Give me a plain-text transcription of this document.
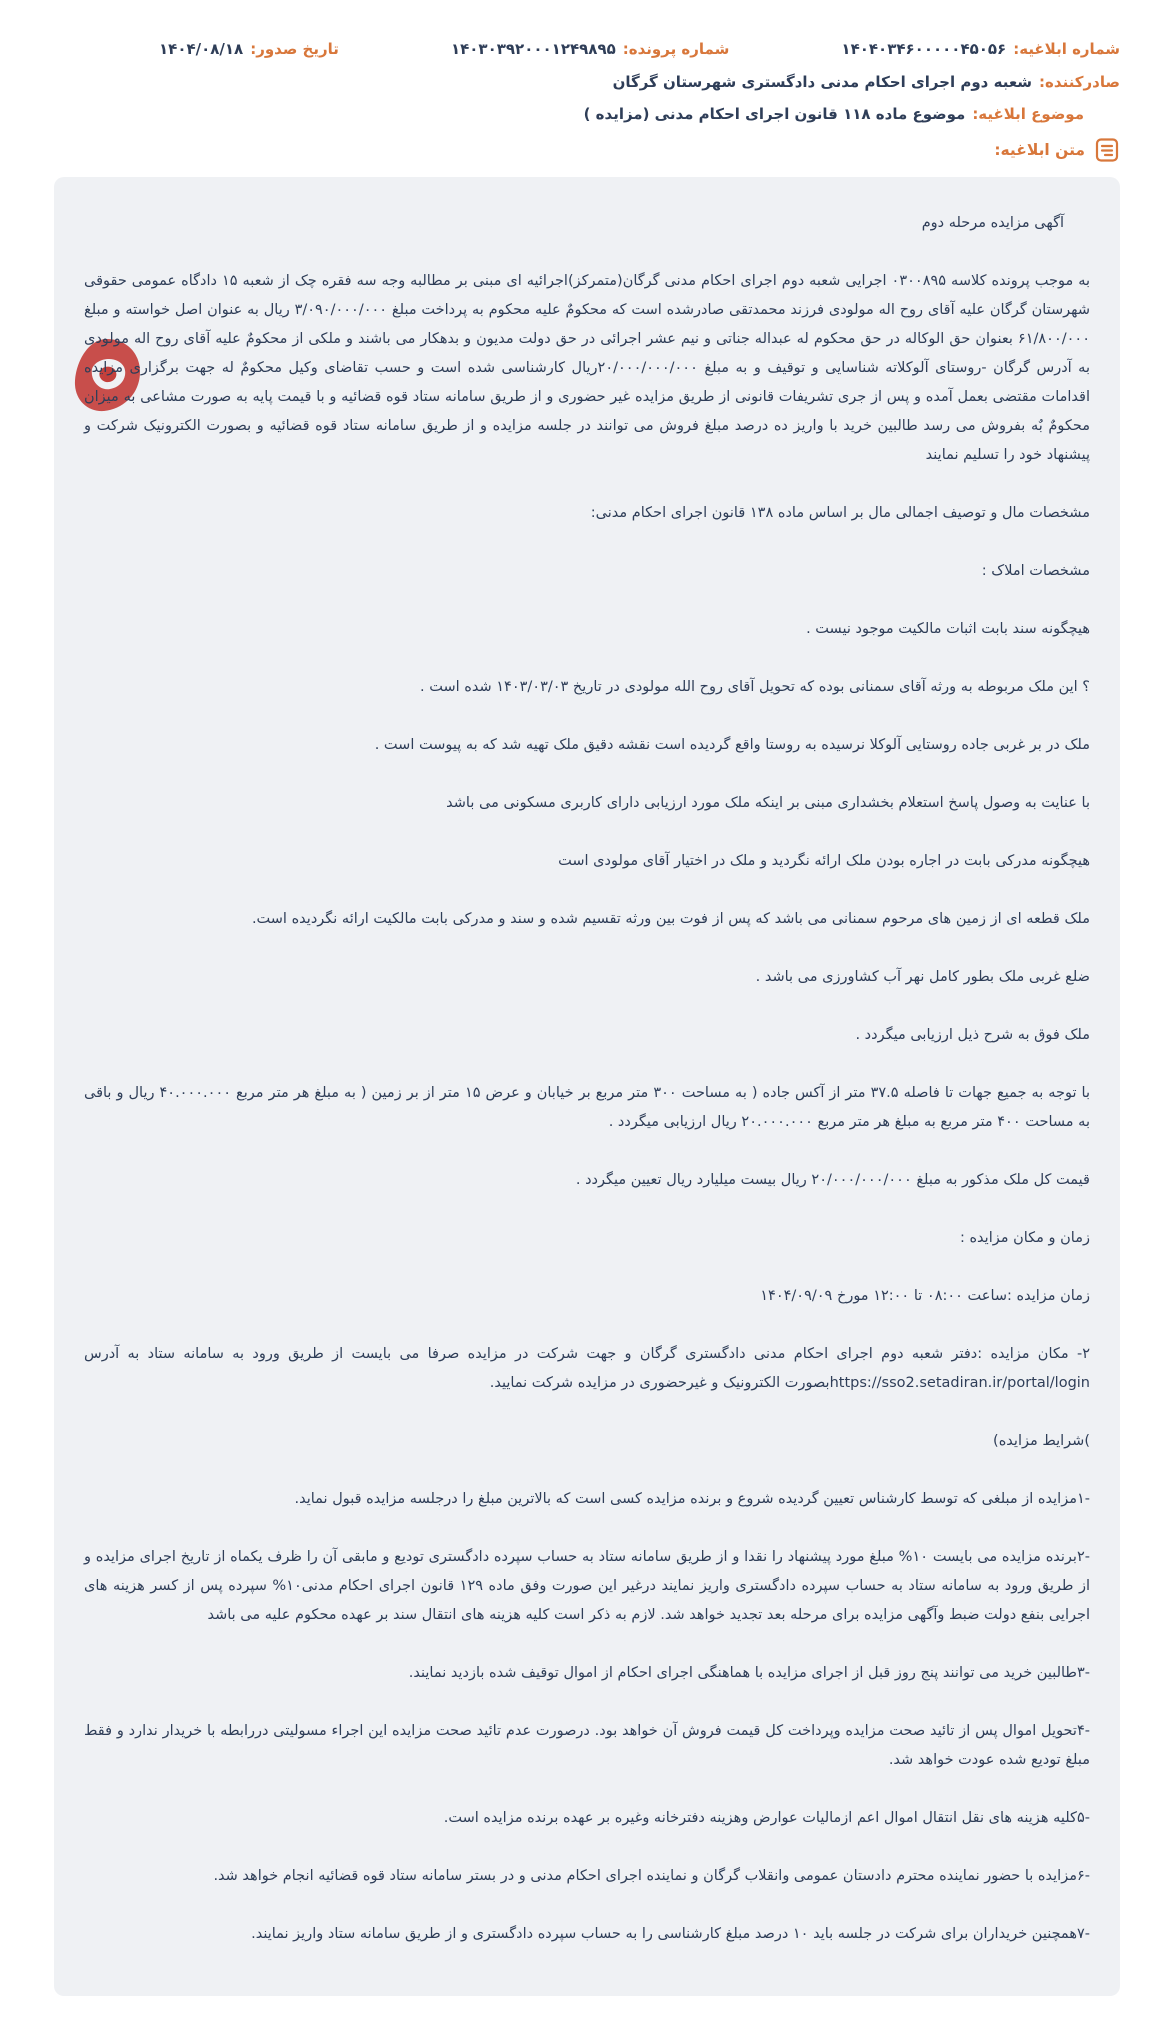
شماره ابلاغیه:۱۴۰۴۰۳۴۶۰۰۰۰۰۴۵۰۵۶
شماره پرونده:۱۴۰۳۰۳۹۲۰۰۰۱۲۴۹۸۹۵
تاریخ صدور:۱۴۰۴/۰۸/۱۸
صادرکننده:شعبه دوم اجرای احکام مدنی دادگستری شهرستان گرگان
موضوع ابلاغیه:موضوع ماده ۱۱۸ قانون اجرای احکام مدنی (مزایده )
متن ابلاغیه:

آگهی مزایده مرحله دوم

به موجب پرونده کلاسه ۰۳۰۰۸۹۵ اجرایی شعبه دوم اجرای احکام مدنی گرگان(متمرکز)اجرائیه ای مبنی بر مطالبه وجه سه فقره چک از شعبه ۱۵ دادگاه عمومی حقوقی شهرستان گرگان علیه آقای روح اله مولودی فرزند محمدتقی صادرشده است که محکومٌ علیه محکوم به پرداخت مبلغ ۳/۰۹۰/۰۰۰/۰۰۰ ریال به عنوان اصل خواسته و مبلغ ۶۱/۸۰۰/۰۰۰ بعنوان حق الوکاله در حق محکوم له عبداله جناتی و نیم عشر اجرائی در حق دولت مدیون و بدهکار می باشند و ملکی از محکومٌ علیه آقای روح اله مولودی به آدرس گرگان -روستای آلوکلاته شناسایی و توقیف و به مبلغ ۲۰/۰۰۰/۰۰۰/۰۰۰ریال کارشناسی شده است و حسب تقاضای وکیل محکومٌ له جهت برگزاری مزایده اقدامات مقتضی بعمل آمده و پس از جری تشریفات قانونی از طریق مزایده غیر حضوری و از طریق سامانه ستاد قوه قضائیه و با قیمت پایه به صورت مشاعی به میزان محکومٌ بٌه بفروش می رسد طالبین خرید با واریز ده درصد مبلغ فروش می توانند در جلسه مزایده و از طریق سامانه ستاد قوه قضائیه و بصورت الکترونیک شرکت و پیشنهاد خود را تسلیم نمایند

مشخصات مال و توصیف اجمالی مال بر اساس ماده ۱۳۸ قانون اجرای احکام مدنی:

مشخصات املاک :

هیچگونه سند بابت اثبات مالکیت موجود نیست .

؟ این ملک مربوطه به ورثه آقای سمنانی بوده که تحویل آقای روح الله مولودی در تاریخ ۱۴۰۳/۰۳/۰۳ شده است .

ملک در بر غربی جاده روستایی آلوکلا نرسیده به روستا واقع گردیده است نقشه دقیق ملک تهیه شد که به پیوست است .

با عنایت به وصول پاسخ استعلام بخشداری مبنی بر اینکه ملک مورد ارزیابی دارای کاربری مسکونی می باشد

هیچگونه مدرکی بابت در اجاره بودن ملک ارائه نگردید و ملک در اختیار آقای مولودی است

ملک قطعه ای از زمین های مرحوم سمنانی می باشد که پس از فوت بین ورثه تقسیم شده و سند و مدرکی بابت مالکیت ارائه نگردیده است.

ضلع غربی ملک بطور کامل نهر آب کشاورزی می باشد .

ملک فوق به شرح ذیل ارزیابی میگردد .

با توجه به جمیع جهات تا فاصله ۳۷.۵ متر از آکس جاده ( به مساحت ۳۰۰ متر مربع بر خیابان و عرض ۱۵ متر از بر زمین ( به مبلغ هر متر مربع ۴۰.۰۰۰.۰۰۰ ریال و باقی به مساحت ۴۰۰ متر مربع به مبلغ هر متر مربع ۲۰.۰۰۰.۰۰۰ ریال ارزیابی میگردد .

قیمت کل ملک مذکور به مبلغ ۲۰/۰۰۰/۰۰۰/۰۰۰ ریال بیست میلیارد ریال تعیین میگردد .

زمان و مکان مزایده :

زمان مزایده :ساعت ۰۸:۰۰ تا ۱۲:۰۰ مورخ ۱۴۰۴/۰۹/۰۹

۲- مکان مزایده :دفتر شعبه دوم اجرای احکام مدنی دادگستری گرگان و جهت شرکت در مزایده صرفا می بایست از طریق ورود به سامانه ستاد به آدرس https://sso2.setadiran.ir/portal/loginبصورت الکترونیک و غیرحضوری در مزایده شرکت نمایید.

)شرایط مزایده)

-۱مزایده از مبلغی که توسط کارشناس تعیین گردیده شروع و برنده مزایده کسی است که بالاترین مبلغ را درجلسه مزایده قبول نماید.

-۲برنده مزایده می بایست ۱۰% مبلغ مورد پیشنهاد را نقدا و از طریق سامانه ستاد به حساب سپرده دادگستری تودیع و مابقی آن را ظرف یکماه از تاریخ اجرای مزایده و از طریق ورود به سامانه ستاد به حساب سپرده دادگستری واریز نمایند درغیر این صورت وفق ماده ۱۲۹ قانون اجرای احکام مدنی۱۰% سپرده پس از کسر هزینه های اجرایی بنفع دولت ضبط وآگهی مزایده برای مرحله بعد تجدید خواهد شد. لازم به ذکر است کلیه هزینه های انتقال سند بر عهده محکوم علیه می باشد

-۳طالبین خرید می توانند پنج روز قبل از اجرای مزایده با هماهنگی اجرای احکام از اموال توقیف شده بازدید نمایند.

-۴تحویل اموال پس از تائید صحت مزایده وپرداخت کل قیمت فروش آن خواهد بود. درصورت عدم تائید صحت مزایده این اجراء مسولیتی دررابطه با خریدار ندارد و فقط مبلغ تودیع شده عودت خواهد شد.

-۵کلیه هزینه های نقل انتقال اموال اعم ازمالیات عوارض وهزینه دفترخانه وغیره بر عهده برنده مزایده است.

-۶مزایده با حضور نماینده محترم دادستان عمومی وانقلاب گرگان و نماینده اجرای احکام مدنی و در بستر سامانه ستاد قوه قضائیه انجام خواهد شد.

-۷همچنین خریداران برای شرکت در جلسه باید ۱۰ درصد مبلغ کارشناسی را به حساب سپرده دادگستری و از طریق سامانه ستاد واریز نمایند.
